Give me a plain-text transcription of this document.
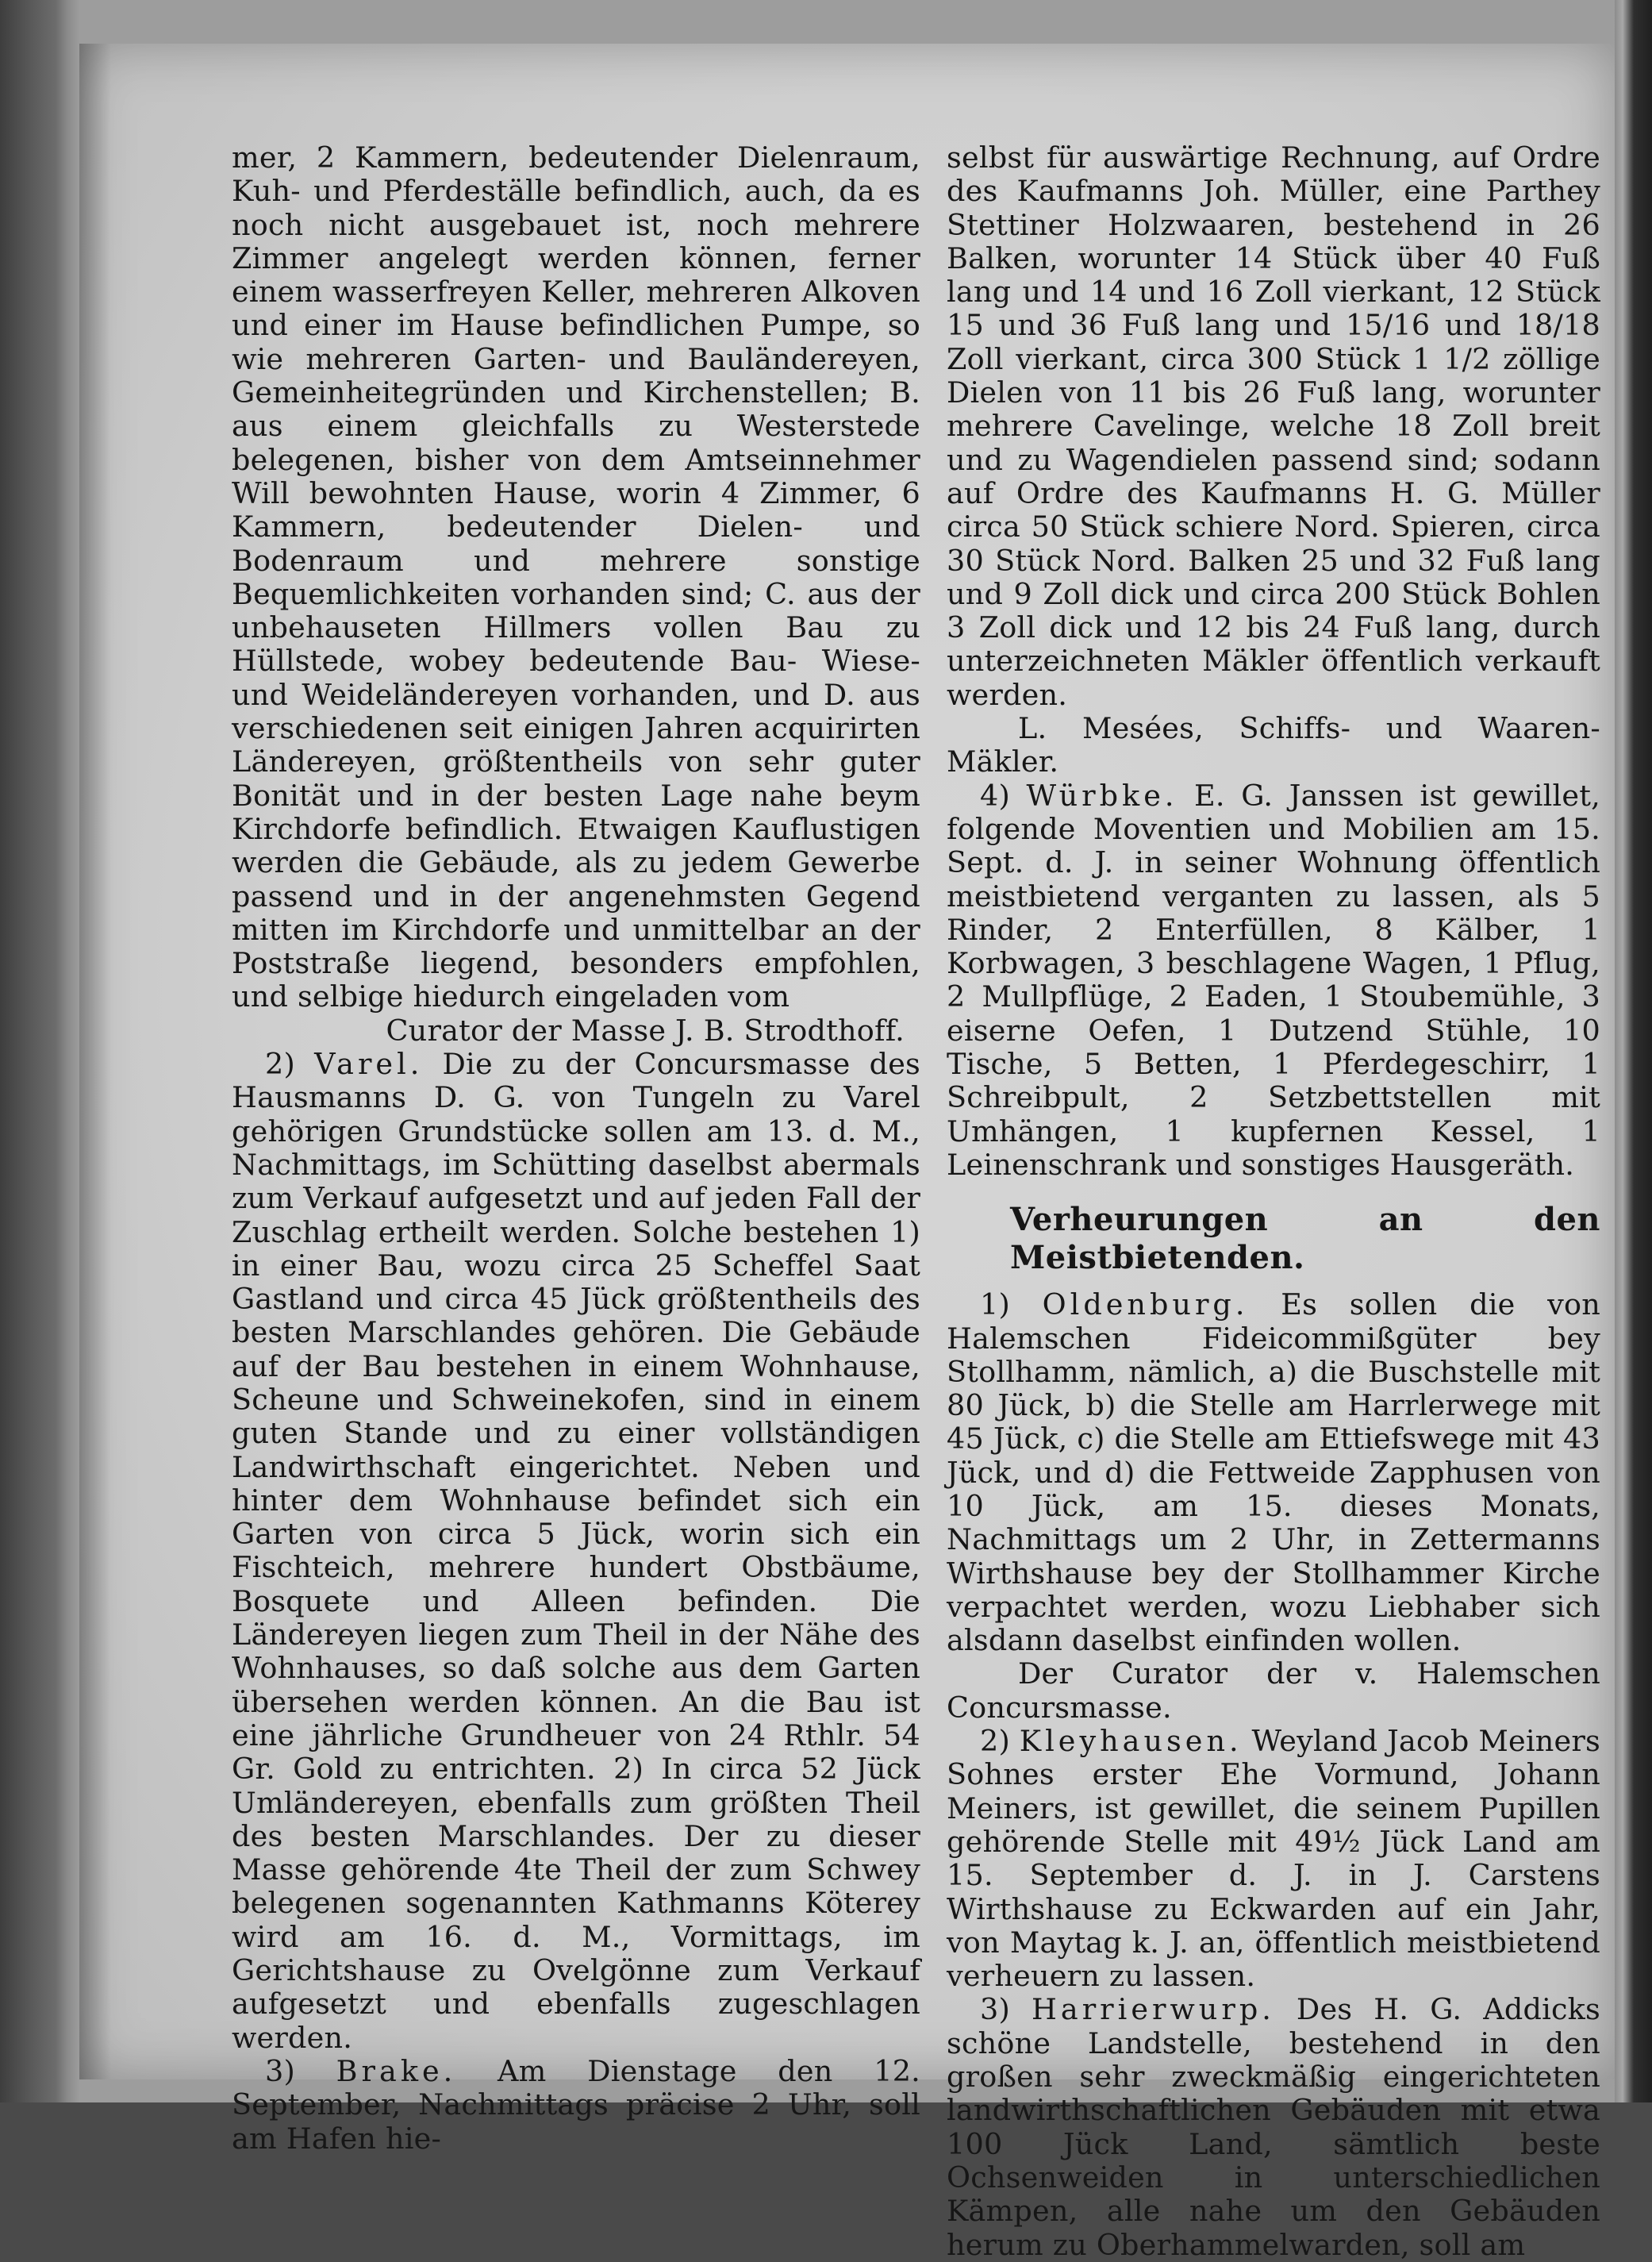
mer, 2 Kammern, bedeutender Dielenraum, Kuh- und Pferdeställe befindlich, auch, da es noch nicht ausgebauet ist, noch mehrere Zimmer angelegt werden können, ferner einem wasserfreyen Keller, mehreren Alkoven und einer im Hause befindlichen Pumpe, so wie mehreren Garten- und Bauländereyen, Gemeinheitegründen und Kirchenstellen; B. aus einem gleichfalls zu Westerstede belegenen, bisher von dem Amtseinnehmer Will bewohnten Hause, worin 4 Zimmer, 6 Kammern, bedeutender Dielen- und Bodenraum und mehrere sonstige Bequemlichkeiten vorhanden sind; C. aus der unbehauseten Hillmers vollen Bau zu Hüllstede, wobey bedeutende Bau- Wiese- und Weideländereyen vorhanden, und D. aus verschiedenen seit einigen Jahren acquirirten Ländereyen, größtentheils von sehr guter Bonität und in der besten Lage nahe beym Kirchdorfe befindlich. Etwaigen Kauflustigen werden die Gebäude, als zu jedem Gewerbe passend und in der angenehmsten Gegend mitten im Kirchdorfe und unmittelbar an der Poststraße liegend, besonders empfohlen, und selbige hiedurch eingeladen vom

Curator der Masse J. B. Strodthoff.

2) Varel. Die zu der Concursmasse des Hausmanns D. G. von Tungeln zu Varel gehörigen Grundstücke sollen am 13. d. M., Nachmittags, im Schütting daselbst abermals zum Verkauf aufgesetzt und auf jeden Fall der Zuschlag ertheilt werden. Solche bestehen 1) in einer Bau, wozu circa 25 Scheffel Saat Gastland und circa 45 Jück größtentheils des besten Marschlandes gehören. Die Gebäude auf der Bau bestehen in einem Wohnhause, Scheune und Schweinekofen, sind in einem guten Stande und zu einer vollständigen Landwirthschaft eingerichtet. Neben und hinter dem Wohnhause befindet sich ein Garten von circa 5 Jück, worin sich ein Fischteich, mehrere hundert Obstbäume, Bosquete und Alleen befinden. Die Ländereyen liegen zum Theil in der Nähe des Wohnhauses, so daß solche aus dem Garten übersehen werden können. An die Bau ist eine jährliche Grundheuer von 24 Rthlr. 54 Gr. Gold zu entrichten. 2) In circa 52 Jück Umländereyen, ebenfalls zum größten Theil des besten Marschlandes. Der zu dieser Masse gehörende 4te Theil der zum Schwey belegenen sogenannten Kathmanns Köterey wird am 16. d. M., Vormittags, im Gerichtshause zu Ovelgönne zum Verkauf aufgesetzt und ebenfalls zugeschlagen werden.

3) Brake. Am Dienstage den 12. September, Nachmittags präcise 2 Uhr, soll am Hafen hie-

selbst für auswärtige Rechnung, auf Ordre des Kaufmanns Joh. Müller, eine Parthey Stettiner Holzwaaren, bestehend in 26 Balken, worunter 14 Stück über 40 Fuß lang und 14 und 16 Zoll vierkant, 12 Stück 15 und 36 Fuß lang und 15/16 und 18/18 Zoll vierkant, circa 300 Stück 1 1/2 zöllige Dielen von 11 bis 26 Fuß lang, worunter mehrere Cavelinge, welche 18 Zoll breit und zu Wagendielen passend sind; sodann auf Ordre des Kaufmanns H. G. Müller circa 50 Stück schiere Nord. Spieren, circa 30 Stück Nord. Balken 25 und 32 Fuß lang und 9 Zoll dick und circa 200 Stück Bohlen 3 Zoll dick und 12 bis 24 Fuß lang, durch unterzeichneten Mäkler öffentlich verkauft werden.

L. Mesées, Schiffs- und Waaren-Mäkler.

4) Würbke. E. G. Janssen ist gewillet, folgende Moventien und Mobilien am 15. Sept. d. J. in seiner Wohnung öffentlich meistbietend verganten zu lassen, als 5 Rinder, 2 Enterfüllen, 8 Kälber, 1 Korbwagen, 3 beschlagene Wagen, 1 Pflug, 2 Mullpflüge, 2 Eaden, 1 Stoubemühle, 3 eiserne Oefen, 1 Dutzend Stühle, 10 Tische, 5 Betten, 1 Pferdegeschirr, 1 Schreibpult, 2 Setzbettstellen mit Umhängen, 1 kupfernen Kessel, 1 Leinenschrank und sonstiges Hausgeräth.

Verheurungen an den Meistbietenden.

1) Oldenburg. Es sollen die von Halemschen Fideicommißgüter bey Stollhamm, nämlich, a) die Buschstelle mit 80 Jück, b) die Stelle am Harrlerwege mit 45 Jück, c) die Stelle am Ettiefswege mit 43 Jück, und d) die Fettweide Zapphusen von 10 Jück, am 15. dieses Monats, Nachmittags um 2 Uhr, in Zettermanns Wirthshause bey der Stollhammer Kirche verpachtet werden, wozu Liebhaber sich alsdann daselbst einfinden wollen.

Der Curator der v. Halemschen Concursmasse.

2) Kleyhausen. Weyland Jacob Meiners Sohnes erster Ehe Vormund, Johann Meiners, ist gewillet, die seinem Pupillen gehörende Stelle mit 49½ Jück Land am 15. September d. J. in J. Carstens Wirthshause zu Eckwarden auf ein Jahr, von Maytag k. J. an, öffentlich meistbietend verheuern zu lassen.

3) Harrierwurp. Des H. G. Addicks schöne Landstelle, bestehend in den großen sehr zweckmäßig eingerichteten landwirthschaftlichen Gebäuden mit etwa 100 Jück Land, sämtlich beste Ochsenweiden in unterschiedlichen Kämpen, alle nahe um den Gebäuden herum zu Oberhammelwarden, soll am
